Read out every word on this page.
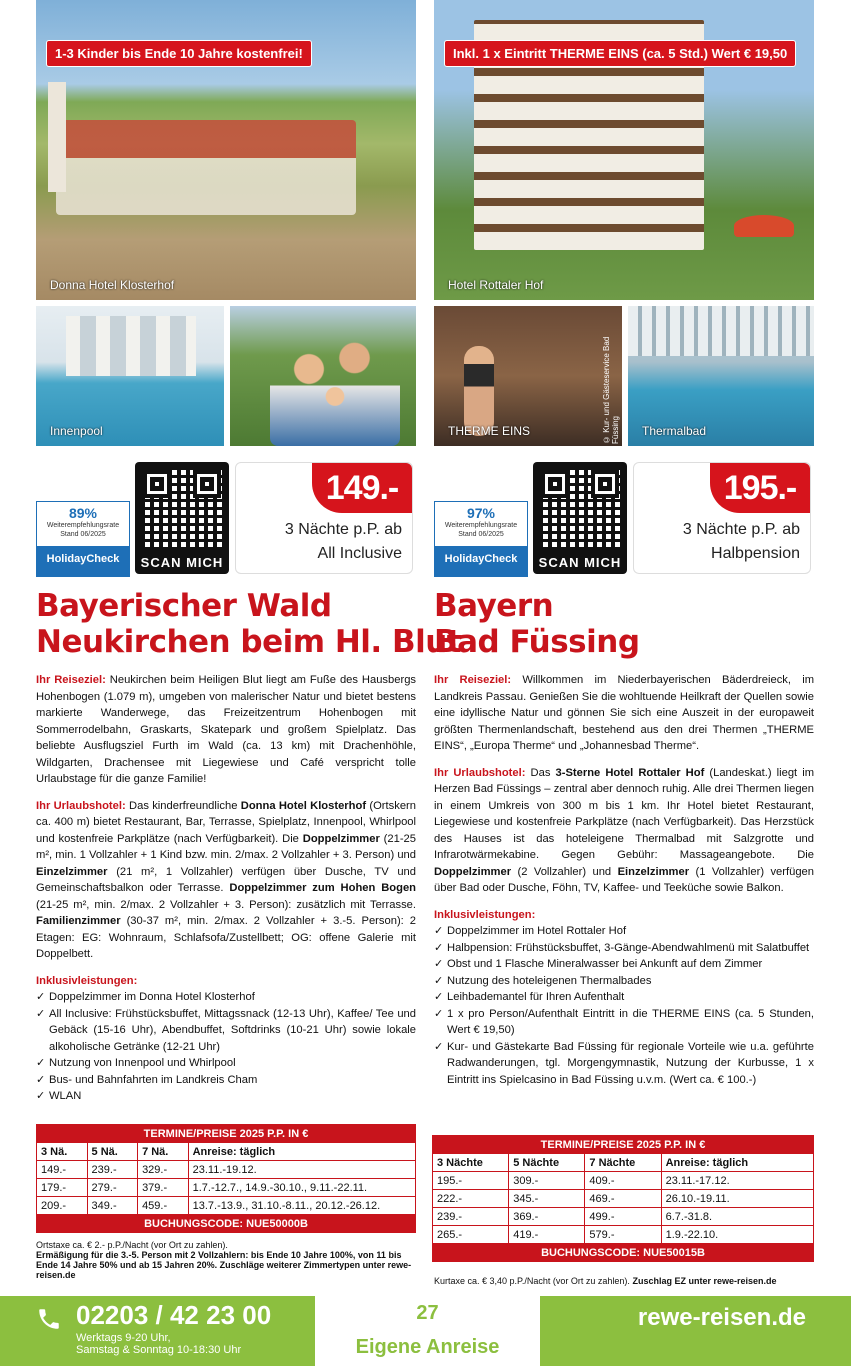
1-3 Kinder bis Ende 10 Jahre kostenfrei!
Donna Hotel Klosterhof
Innenpool
Inkl. 1 x Eintritt THERME EINS (ca. 5 Std.) Wert € 19,50
Hotel Rottaler Hof
© Kur- und Gästeservice Bad Füssing
THERME EINS	Thermalbad
89%
Weiterempfehlungsrate
Stand 06/2025
HolidayCheck	SCAN MICH
149.-
3 Nächte p.P. ab
All Inclusive
97%
Weiterempfehlungsrate
Stand 06/2025
HolidayCheck	SCAN MICH
195.-
3 Nächte p.P. ab
Halbpension
Bayerischer Wald
Neukirchen beim Hl. Blut
Bayern
Bad Füssing
Ihr Reiseziel: Neukirchen beim Heiligen Blut liegt am Fuße des Hausbergs Hohenbogen (1.079 m), umgeben von malerischer Natur und bietet bestens markierte Wanderwege, das Freizeitzentrum Hohenbogen mit Sommerrodelbahn, Graskarts, Skatepark und großem Spielplatz. Das beliebte Ausflugsziel Furth im Wald (ca. 13 km) mit Drachenhöhle, Wildgarten, Drachensee mit Liegewiese und Café verspricht tolle Urlaubstage für die ganze Familie!
Ihr Urlaubshotel: Das kinderfreundliche Donna Hotel Klosterhof (Ortskern ca. 400 m) bietet Restaurant, Bar, Terrasse, Spielplatz, Innenpool, Whirlpool und kostenfreie Parkplätze (nach Verfügbarkeit). Die Doppelzimmer (21-25 m², min. 1 Vollzahler + 1 Kind bzw. min. 2/max. 2 Vollzahler + 3. Person) und Einzelzimmer (21 m², 1 Vollzahler) verfügen über Dusche, TV und Gemeinschaftsbalkon oder Terrasse. Doppelzimmer zum Hohen Bogen (21-25 m², min. 2/max. 2 Vollzahler + 3. Person): zusätzlich mit Terrasse. Familienzimmer (30-37 m², min. 2/max. 2 Vollzahler + 3.-5. Person): 2 Etagen: EG: Wohnraum, Schlafsofa/Zustellbett; OG: offene Galerie mit Doppelbett.
Inklusivleistungen:
✓ Doppelzimmer im Donna Hotel Klosterhof
✓ All Inclusive: Frühstücksbuffet, Mittagssnack (12-13 Uhr), Kaffee/ Tee und Gebäck (15-16 Uhr), Abendbuffet, Softdrinks (10-21 Uhr) sowie lokale alkoholische Getränke (12-21 Uhr)
✓ Nutzung von Innenpool und Whirlpool
✓ Bus- und Bahnfahrten im Landkreis Cham
✓ WLAN
Ihr Reiseziel: Willkommen im Niederbayerischen Bäderdreieck, im Landkreis Passau. Genießen Sie die wohltuende Heilkraft der Quellen sowie eine idyllische Natur und gönnen Sie sich eine Auszeit in der europaweit größten Thermenlandschaft, bestehend aus den drei Thermen „THERME EINS“, „Europa Therme“ und „Johannesbad Therme“.
Ihr Urlaubshotel: Das 3-Sterne Hotel Rottaler Hof (Landeskat.) liegt im Herzen Bad Füssings – zentral aber dennoch ruhig. Alle drei Thermen liegen in einem Umkreis von 300 m bis 1 km. Ihr Hotel bietet Restaurant, Liegewiese und kostenfreie Parkplätze (nach Verfügbarkeit). Das Herzstück des Hauses ist das hoteleigene Thermalbad mit Salzgrotte und Infrarotwärmekabine. Gegen Gebühr: Massageangebote. Die Doppelzimmer (2 Vollzahler) und Einzelzimmer (1 Vollzahler) verfügen über Bad oder Dusche, Föhn, TV, Kaffee- und Teeküche sowie Balkon.
Inklusivleistungen:
✓ Doppelzimmer im Hotel Rottaler Hof
✓ Halbpension: Frühstücksbuffet, 3-Gänge-Abendwahlmenü mit Salatbuffet
✓ Obst und 1 Flasche Mineralwasser bei Ankunft auf dem Zimmer
✓ Nutzung des hoteleigenen Thermalbades
✓ Leihbademantel für Ihren Aufenthalt
✓ 1 x pro Person/Aufenthalt Eintritt in die THERME EINS (ca. 5 Stunden, Wert € 19,50)
✓ Kur- und Gästekarte Bad Füssing für regionale Vorteile wie u.a. geführte Radwanderungen, tgl. Morgengymnastik, Nutzung der Kurbusse, 1 x Eintritt ins Spielcasino in Bad Füssing u.v.m. (Wert ca. € 100.-)
TERMINE/PREISE 2025 P.P. IN €			
3 Nä.	5 Nä.	7 Nä.	Anreise: täglich
149.-	239.-	329.-	23.11.-19.12.
179.-	279.-	379.-	1.7.-12.7., 14.9.-30.10., 9.11.-22.11.
209.-	349.-	459.-	13.7.-13.9., 31.10.-8.11., 20.12.-26.12.
BUCHUNGSCODE: NUE50000B			
Ortstaxe ca. € 2.- p.P./Nacht (vor Ort zu zahlen).
Ermäßigung für die 3.-5. Person mit 2 Vollzahlern: bis Ende 10 Jahre 100%, von 11 bis Ende 14 Jahre 50% und ab 15 Jahren 20%. Zuschläge weiterer Zimmertypen unter rewe-reisen.de
TERMINE/PREISE 2025 P.P. IN €			
3 Nächte	5 Nächte	7 Nächte	Anreise: täglich
195.-	309.-	409.-	23.11.-17.12.
222.-	345.-	469.-	26.10.-19.11.
239.-	369.-	499.-	6.7.-31.8.
265.-	419.-	579.-	1.9.-22.10.
BUCHUNGSCODE: NUE50015B			
Kurtaxe ca. € 3,40 p.P./Nacht (vor Ort zu zahlen). Zuschlag EZ unter rewe-reisen.de
02203 / 42 23 00
Werktags 9-20 Uhr,
Samstag & Sonntag 10-18:30 Uhr
27
Eigene Anreise
rewe-reisen.de
